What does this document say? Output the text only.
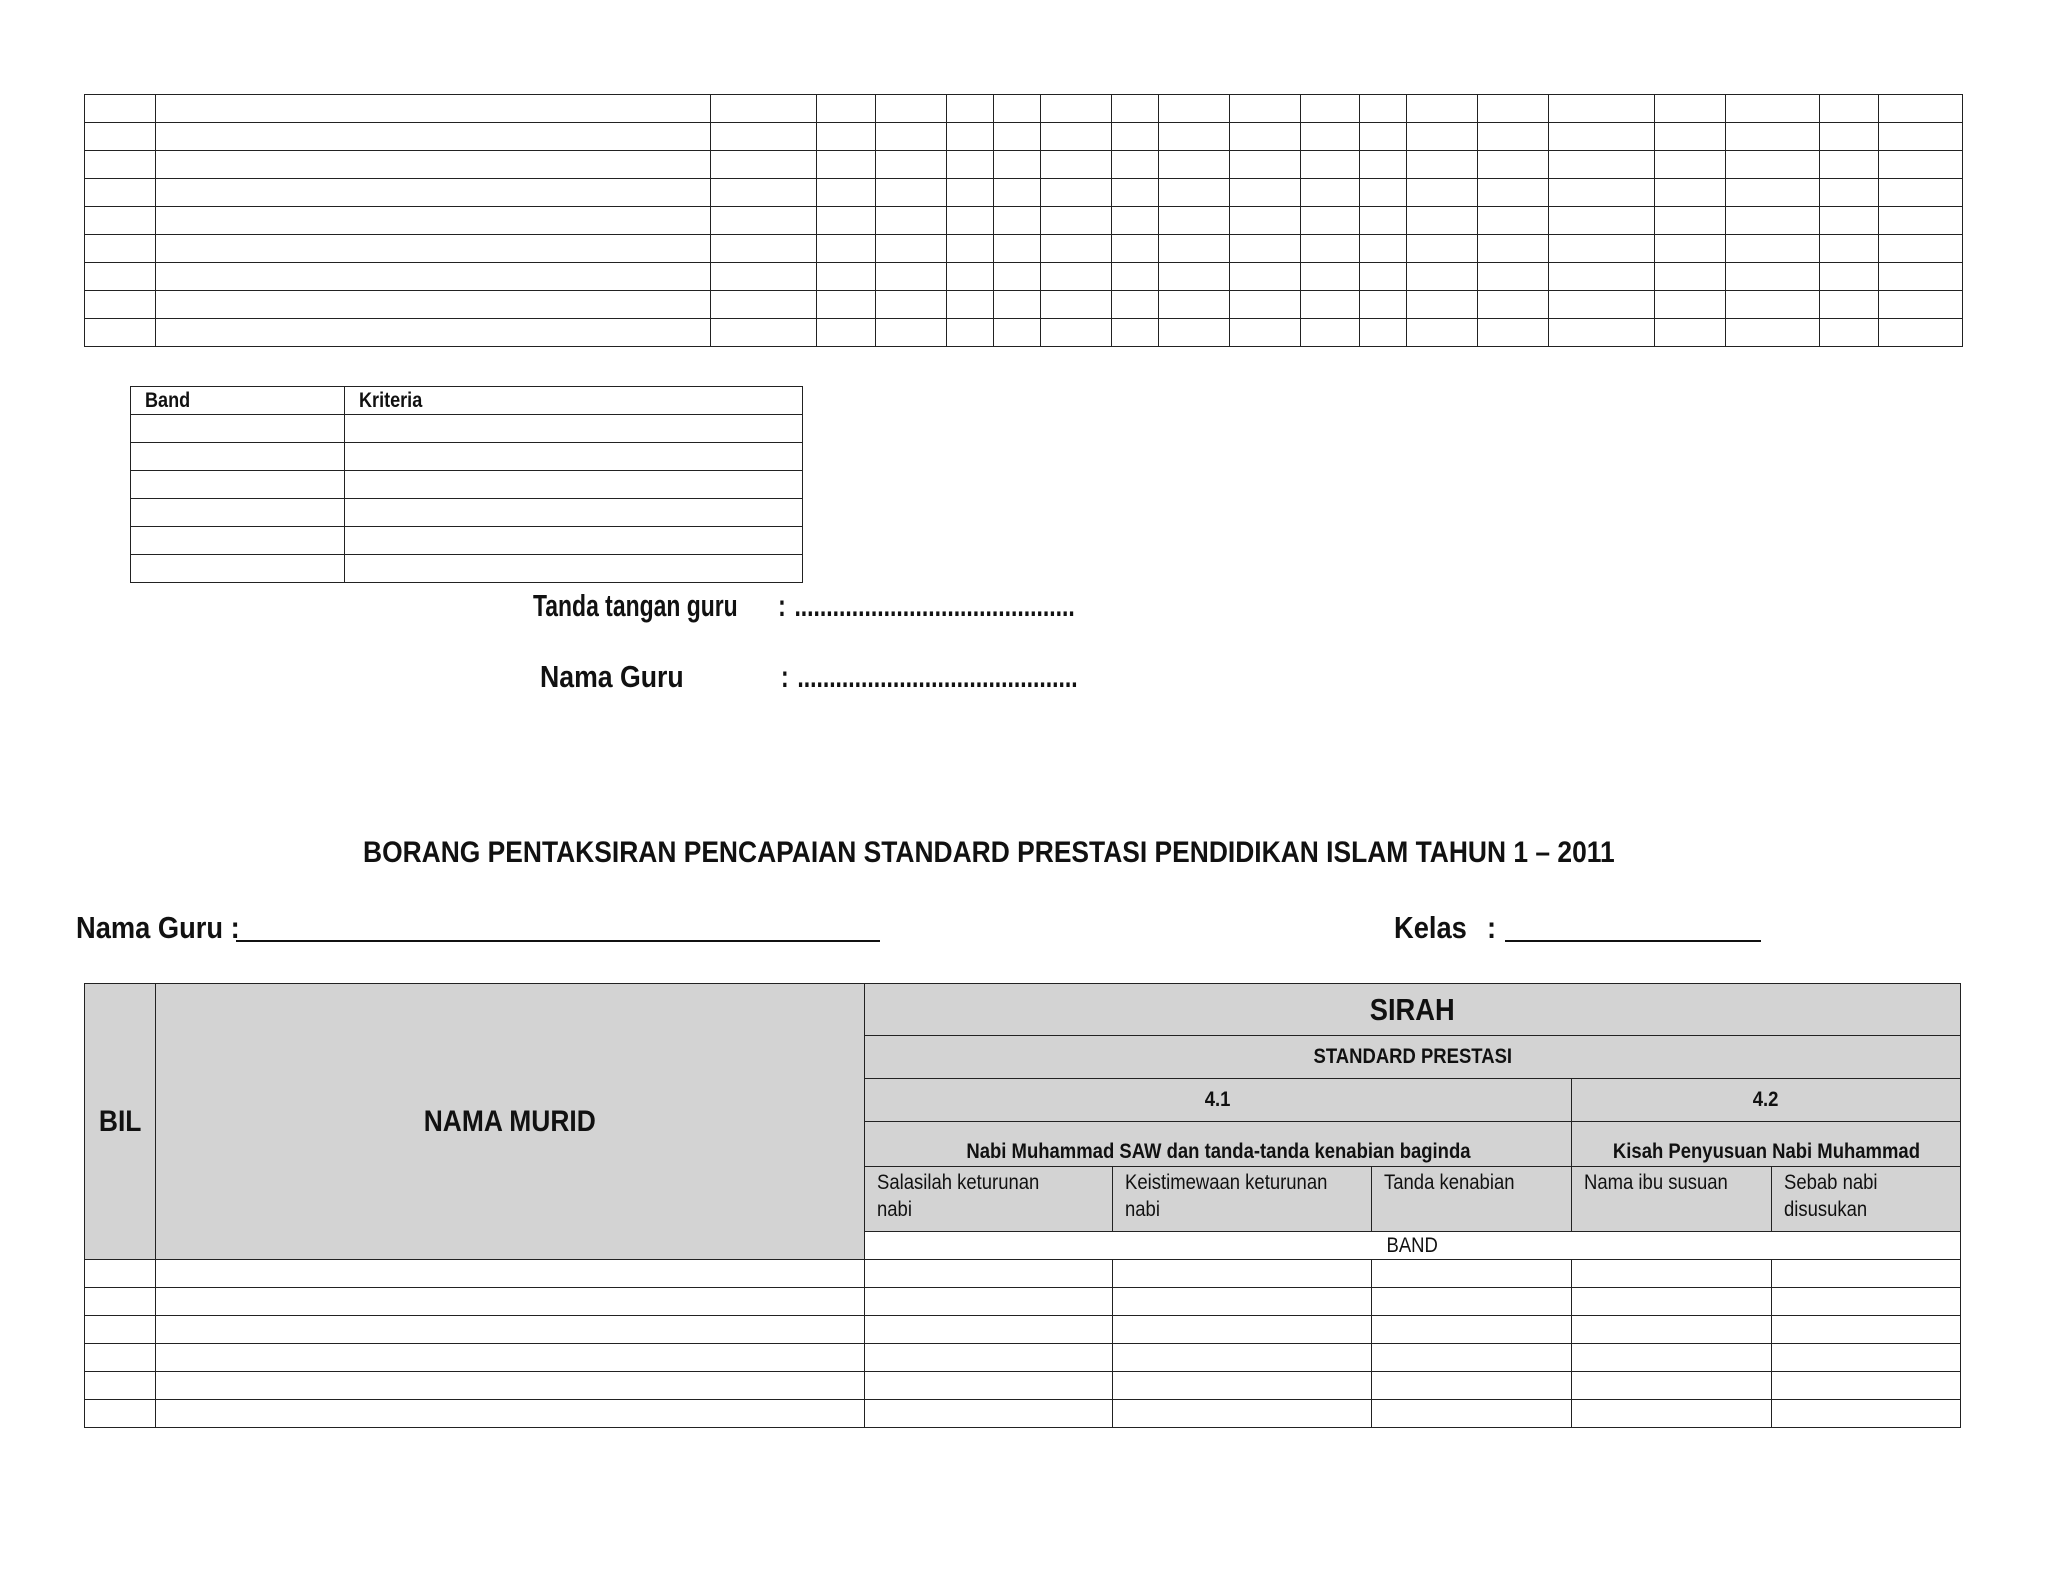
Band	Kriteria

Tanda tangan guru : ............................................
Nama Guru	: ............................................
BORANG PENTAKSIRAN PENCAPAIAN STANDARD PRESTASI PENDIDIKAN ISLAM TAHUN 1 – 2011
Nama Guru :	Kelas :
BIL	NAMA MURID	SIRAH				
		STANDARD PRESTASI				
		4.1			4.2	
		Nabi Muhammad SAW dan tanda-tanda kenabian baginda			Kisah Penyusuan Nabi Muhammad	
		Salasilah keturunan nabi	Keistimewaan keturunan nabi	Tanda kenabian	Nama ibu susuan	Sebab nabi disusukan
		BAND				
